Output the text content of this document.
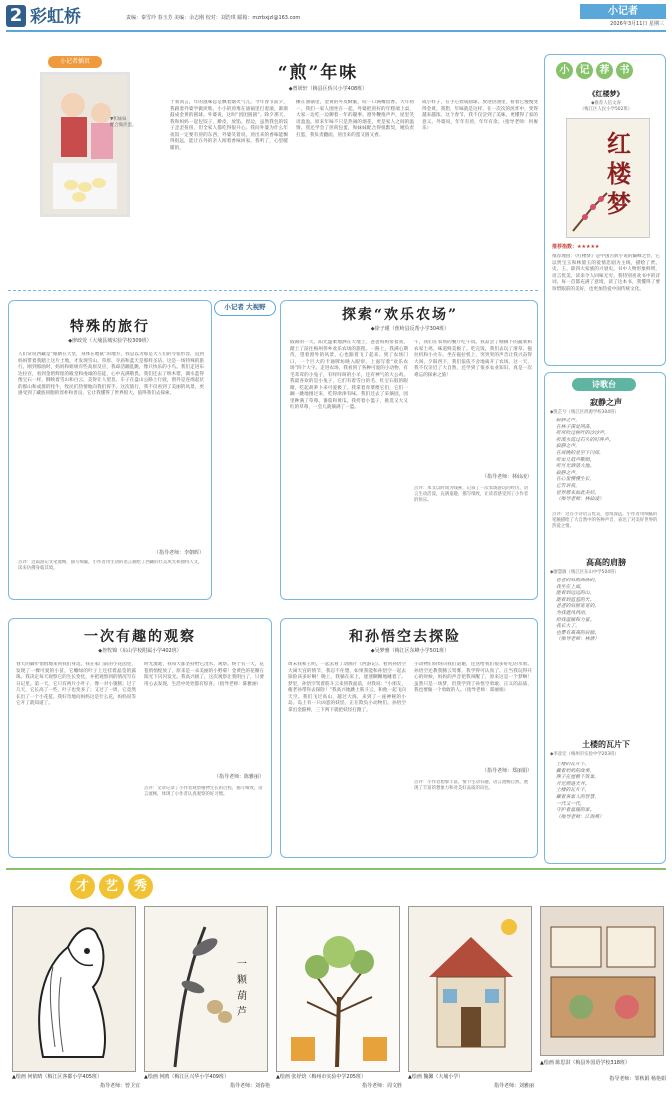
2 彩虹桥	责编：秦雪玲 春玉芳 美编：余志刚 校对：刘浩琪 邮箱：mzrbxjzl@163.com
小记者
2026年3月11日 星期三
小记者插页
▼和妹妹
配合做煎蛋。
“煎”年味
◆曾妍轩（梅县区侨兴小学408班）
于我而言，年的滋味总是飘着烟火气儿。今年春节前夕，我跟着外婆学做煎堆。小小的煎堆在油锅里打着滚，渐渐鼓成金黄的圆球。外婆说，这叫“团团圆圆”。除夕那天，我和妈妈一起包饺子，擀皮、放馅、捏边，虽然我包的饺子歪歪扭扭，但全家人都吃得很开心。我问外婆为什么年夜饭一定要有煎的东西，外婆笑着说，煎出来的香味能飘得很远，能让在外的亲人闻着香味回家。我听了，心里暖暖的。
摊在油锅里，金黄的外皮酥脆，咬一口满嘴留香。大年初一，我们一家人围坐在一起，外婆把煎好的年糕端上桌，大家一边吃一边聊着一年的趣事。窗外鞭炮声声，屋里笑语盈盈。原来年味不只是热闹的烟花，更是家人之间的温情。我还学会了煎荷包蛋，和妹妹配合得很默契，她负责打蛋，我负责翻面，煎出来的蛋又圆又香。
成小样子，在手心捏成圆球，放进热油里，看着它慢慢变得金黄。我想，年味就是这样，在一次次的煎炸中，变得越来越浓。这个春节，我不仅尝到了美味，更懂得了家的意义。外婆说，年年有煎，年年有余。（指导老师：何俊乐）
小 记 荐 书
《红楼梦》
◆推荐人信文涛
（梅江区人民小学502班）
红楼梦
推荐指数：★★★★★
推荐理由：《红楼梦》是中国古典小说的巅峰之作，它以贾宝玉和林黛玉的爱情悲剧为主线，描绘了贾、史、王、薛四大家族的兴衰史。书中人物形象鲜明，语言优美，读来令人回味无穷。我特别喜欢书中的诗词，每一首都充满了意境，读了这本书，我懂得了要珍惜眼前的美好，也更加热爱中国传统文化。
小记者 大视野
特殊的旅行
◆廖政萱（大埔县城实验学校309班）
人们常说西藏是“眼睛在天堂，身体在地狱”的地方，我总以为那是大人们的夸张形容，直到妈妈带着我踏上这片土地，才发现雪山、草原、寺庙和蓝天是那样圣洁。这是一场特殊的旅行。刚到那曲时，妈妈和姐姐有些高原反应，我却活蹦乱跳，像只快乐的小鸟。我们走进布达拉宫，看到金碧辉煌的殿堂和虔诚的信徒，心中充满敬畏。我们还去了纳木错，湖水蓝得像宝石一样，倒映着雪山和白云，美得让人窒息。车子在盘山公路上行驶，窗外是连绵起伏的群山和成群的牦牛，牧民们热情地向我们挥手。这次旅行，我不仅看到了美丽的风景，更感受到了藏族同胞的淳朴和善良，它让我懂得了世界很大，值得我们去探索。
（指导老师：李朝晖）
点评：这篇游记文笔流畅，描写细腻，小作者用生动的语言描绘了西藏的壮美风光和独特人文，读来仿佛身临其境。
探索“欢乐农场”
◆徐子瑾（蕉岭县反帮小学304班）
假期的一天，阳光温柔地洒在大地上，爸爸妈妈带着我，踏上了前往梅州侨乡欢乐农场的旅程。一路上，我满心期待，望着窗外的风景，心也跟着飞了起来。到了农场门口，一个巨大的卡通牌坊映入眼帘，上面写着“欢乐农场”四个大字。走进农场，我看到了各种可爱的小动物，有毛茸茸的小兔子，有咩咩叫的小羊，还有神气的大公鸡。我最喜欢的是小兔子，它们有着雪白的毛、红宝石般的眼睛，吃起胡萝卜来可爱极了。我拿着青菜喂它们，它们一蹦一跳地围过来，吃得津津有味。我们还去了采摘园，园里种满了草莓、番茄和黄瓜。我挎着小篮子，挑选又大又红的草莓，一会儿就摘满了一篮。
午，我们在农场的餐厅吃午饭。我品尝了刚摘下的蔬菜和农家土鸡，味道鲜美极了。吃完饭，我们去玩了滑草、拖拉机和小火车。坐在拖拉机上，突突突的声音让我兴奋得大叫。夕阳西下，我们依依不舍地离开了农场。这一天，我不仅亲近了大自然，还学到了很多农业知识，真是一次难忘的探索之旅！
（指导老师：林仙凌）
点评：本文以时间为线索，记叙了一次农场游玩的经历，语言生动活泼，充满童趣，描写细致，让读者感受到了小作者的快乐。
诗歌台
寂静之声
◆凯芷兮（梅江区鸿源学校304班）
寂静之声，
在林子深处回荡，
听风吹过树叶的沙沙声，
听溪水流过石头的叮咚声。
寂静之声，
在夜晚的星空下闪烁，
听虫儿低声歌唱，
听月光洒落大地。
寂静之声，
在心里慢慢生长，
它告诉我，
世界原来如此美好。
（指导老师：林仙凌）
点评：这首小诗语言优美，意境深远，小作者用细腻的笔触描绘了大自然中的各种声音，表达了对美好世界的热爱之情。
高高的肩膀
◆廖慧敏（梅江区东山中学504班）
爸爸的肩膀高高的，
我坐在上面，
能看到远远的山，
能看到蓝蓝的天。
爸爸的肩膀宽宽的，
为我遮风挡雨，
给我温暖和力量。
我长大了，
也要有高高的肩膀。
（指导老师：林倩）
土楼的瓦片下
◆李彦宏（梅州市实验中学203班）
土楼的瓦片下，
藏着奶奶的故事，
燕子在屋檐下筑巢，
月光照进天井。
土楼的瓦片下，
藏着客家人的智慧，
一代又一代，
守护着温暖的家。
（指导老师：江海燕）
一次有趣的观察
◆詹牧锦（东山学校附属小学402班）
春天的脚步悄悄地来到我们身边。我在家门前的小花园里，发现了一棵可爱的小苗，它嫩绿的叶子上还挂着晶莹的露珠。我决定每天观察它的生长变化，并把观察到的情况写在日记里。第一天，它只有两片小叶子，像一对小翅膀；过了几天，它长高了一些，叶子也变多了；又过了一周，它竟然长出了一个小花苞。我好奇地问妈妈这是什么花，妈妈说等它开了就知道了。
时光流逝，我每天都坚持给它浇水、观察。终于有一天，花苞悄悄绽放了，原来是一朵美丽的小野菊！金黄色的花瓣在阳光下闪闪发光。我高兴极了，这次观察让我明白了，只要用心去发现，生活中处处都有惊喜。（指导老师：陈雅丽）
（指导老师：陈雅丽）
点评：文章记录了小作者观察植物生长的过程，描写细致，语言流畅，体现了小作者认真观察的好习惯。
和孙悟空去探险
◆吴梦雅（梅江区东峰小学501班）
周末我和王明，一起去看了动画片《西游记》。看到孙悟空大闹天宫的情节，我忍不住想，如果我能和孙悟空一起去探险该多好啊！晚上，我躺在床上，迷迷糊糊地睡着了。梦里，孙悟空驾着筋斗云来到我面前，对我说：“小朋友，俺老孙带你去探险！”我高兴地跳上筋斗云，和他一起飞向天空。我们飞过高山，越过大海，来到了一座神秘的小岛。岛上有一只凶恶的妖怪，正在欺负小动物们。孙悟空拿出金箍棒，三下两下就把妖怪打跑了。
小动物们纷纷向我们道谢，还送给我们很多好吃的水果。孙悟空还教我腾云驾雾，我学得可认真了。正当我玩得开心的时候，妈妈的声音把我叫醒了，原来这是一个梦啊！虽然只是一场梦，但我学到了孙悟空勇敢、正义的品质，我也要做一个勇敢的人。（指导老师：郑丽娟）
（指导老师：郑丽娟）
点评：小作者想象丰富，情节生动有趣，语言流畅自然，展现了丰富的想象力和对美好品质的向往。
才 艺 秀
▲绘画 何依晴（梅江区客都小学405班）
指导老师：曾卫宜
一
颗
葫
芦
▲绘画 何鸥（梅江区兴华小学409班）
指导老师：刘春艳
▲绘画 张妤焓（梅州市实验中学205班）
指导老师：周文胜
▲绘画 魏馨（大埔小学）
指导老师：刘雅丽
▲绘画 陈思淇（梅县外国语学校318班）
指导老师：邹秋娟 杨艳娟
